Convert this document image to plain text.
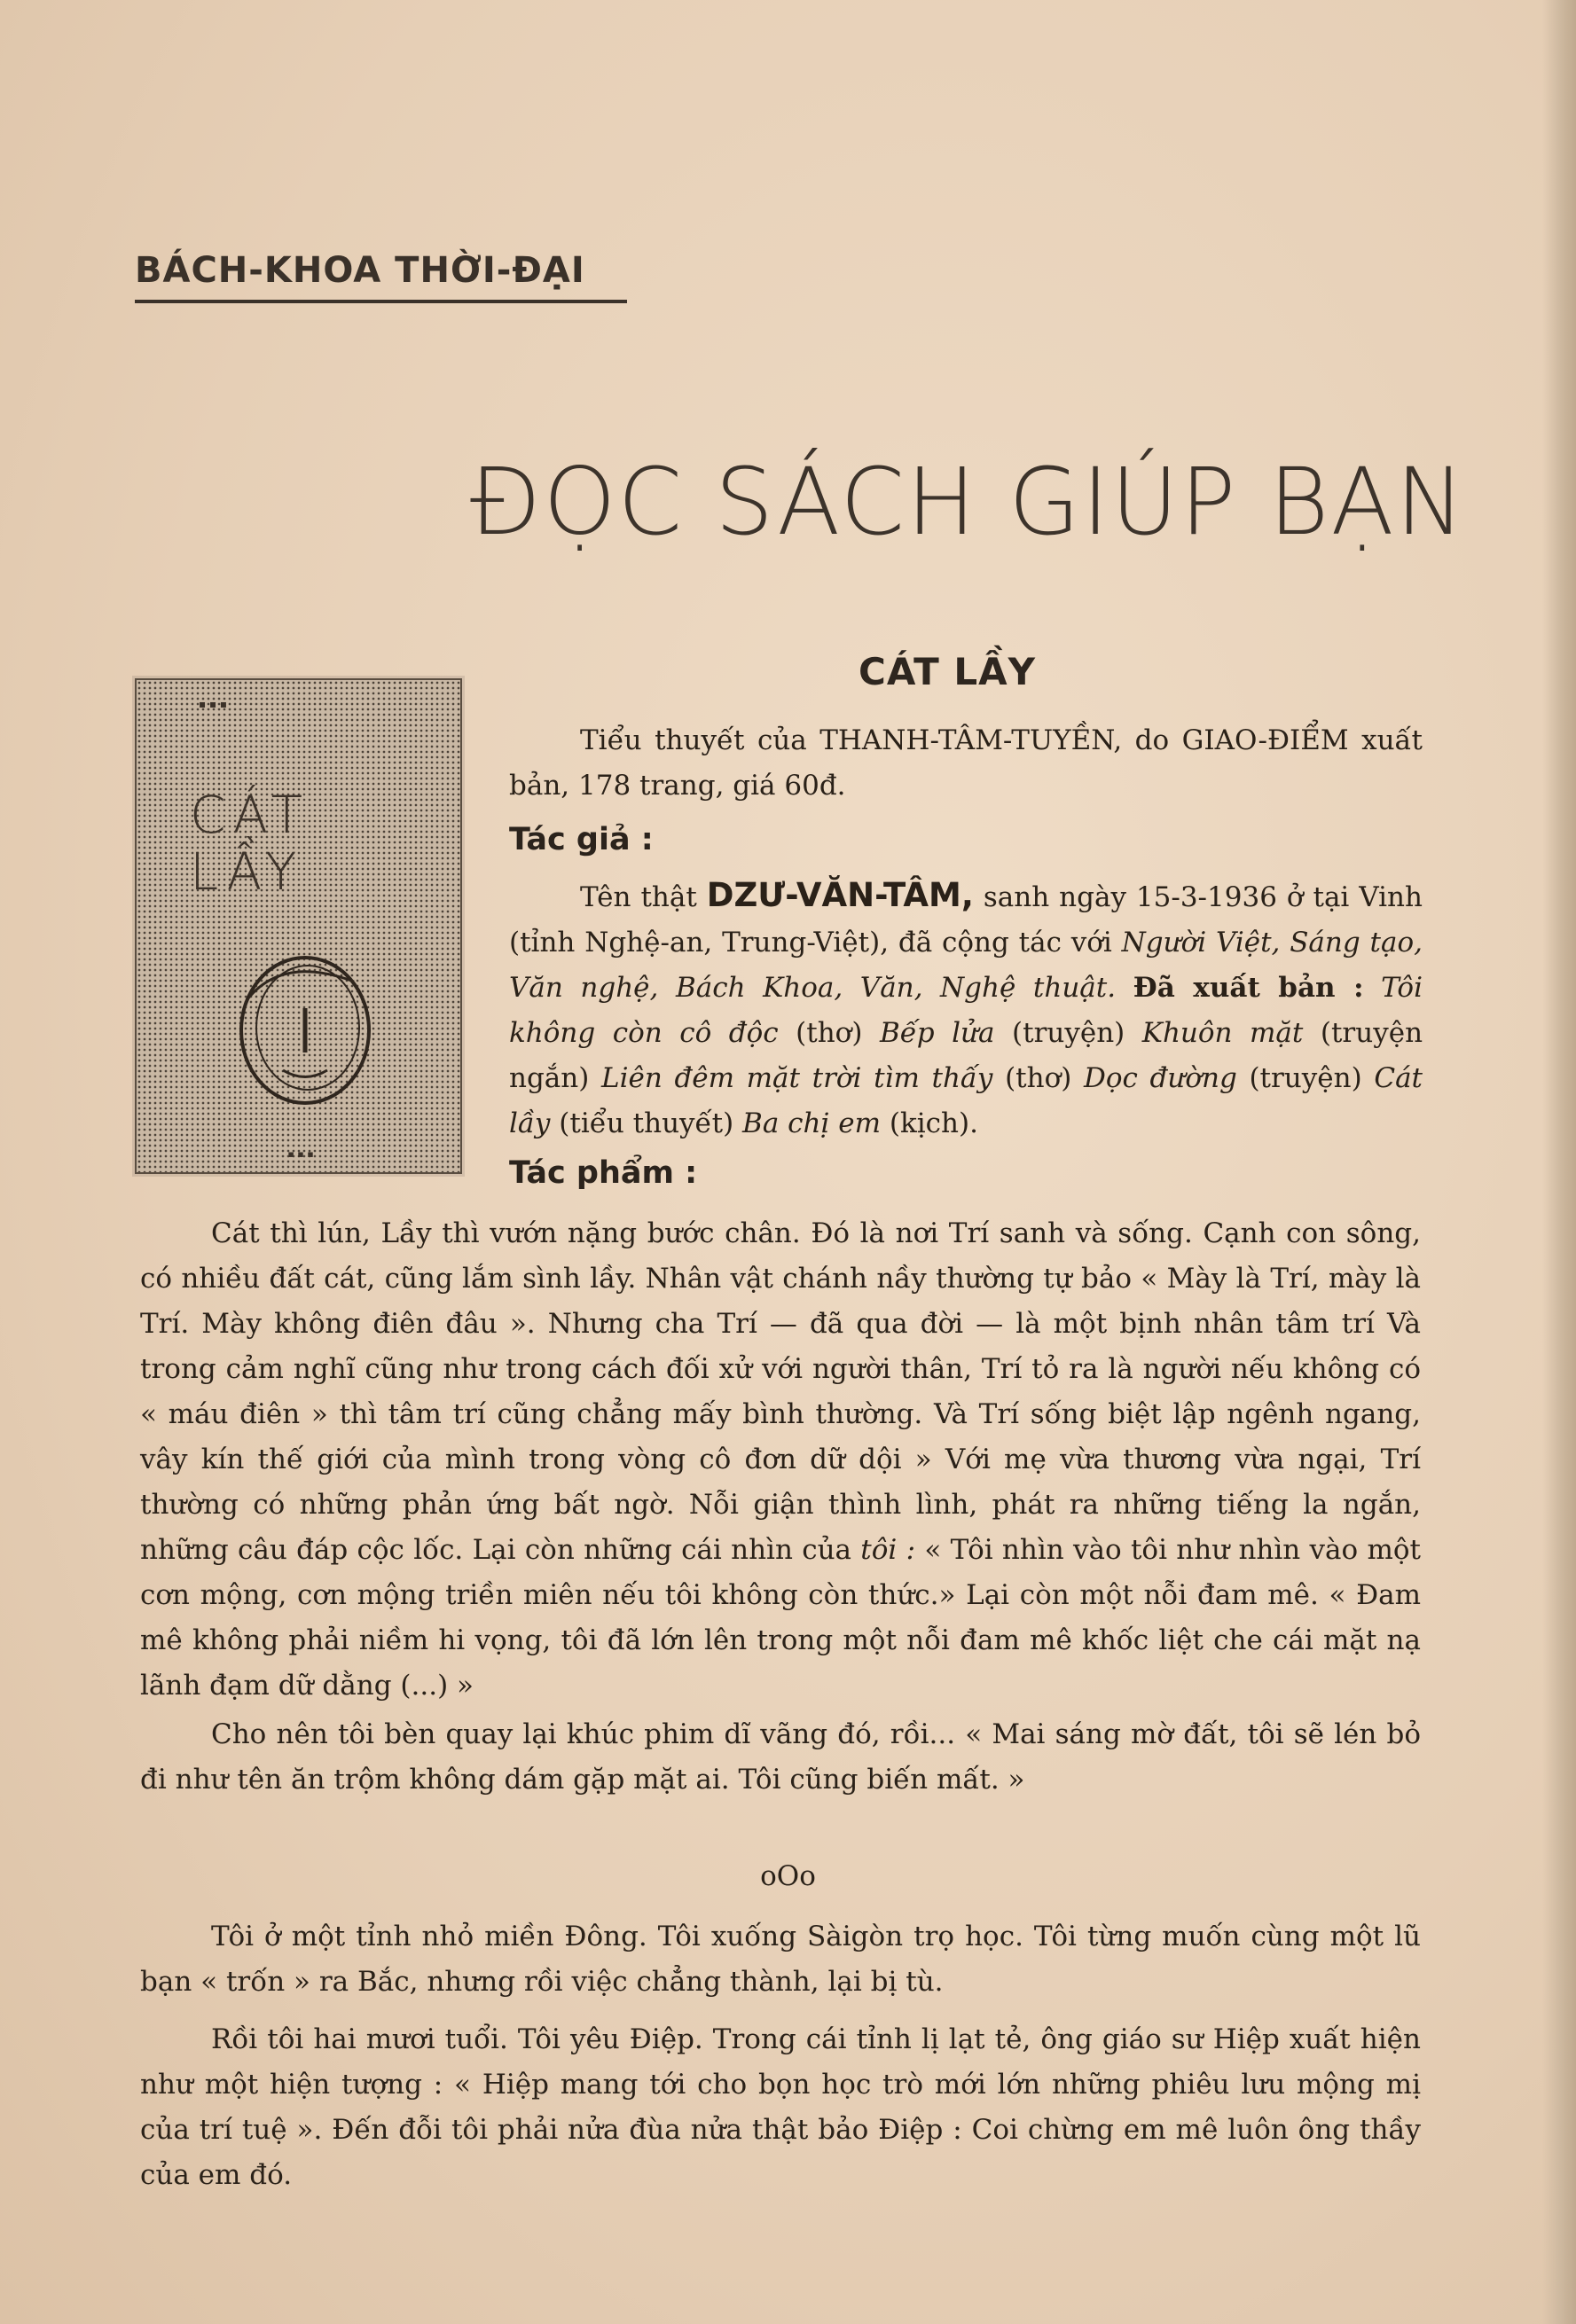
BÁCH-KHOA THỜI-ĐẠI
ĐỌC SÁCH GIÚP BẠN
▪ ▪ ▪
CÁT LẦY
▪ ▪ ▪
CÁT LẦY

Tiểu thuyết của THANH-TÂM-TUYỀN, do GIAO-ĐIỂM xuất bản, 178 trang, giá 60đ.

Tác giả :

Tên thật DZƯ-VĂN-TÂM, sanh ngày 15-3-1936 ở tại Vinh (tỉnh Nghệ-an, Trung-Việt), đã cộng tác với Người Việt, Sáng tạo, Văn nghệ, Bách Khoa, Văn, Nghệ thuật. Đã xuất bản : Tôi không còn cô độc (thơ) Bếp lửa (truyện) Khuôn mặt (truyện ngắn) Liên đêm mặt trời tìm thấy (thơ) Dọc đường (truyện) Cát lầy (tiểu thuyết) Ba chị em (kịch).

Tác phẩm :

Cát thì lún, Lầy thì vướn nặng bước chân. Đó là nơi Trí sanh và sống. Cạnh con sông, có nhiều đất cát, cũng lắm sình lầy. Nhân vật chánh nầy thường tự bảo « Mày là Trí, mày là Trí. Mày không điên đâu ». Nhưng cha Trí — đã qua đời — là một bịnh nhân tâm trí Và trong cảm nghĩ cũng như trong cách đối xử với người thân, Trí tỏ ra là người nếu không có « máu điên » thì tâm trí cũng chẳng mấy bình thường. Và Trí sống biệt lập ngênh ngang, vây kín thế giới của mình trong vòng cô đơn dữ dội » Với mẹ vừa thương vừa ngại, Trí thường có những phản ứng bất ngờ. Nỗi giận thình lình, phát ra những tiếng la ngắn, những câu đáp cộc lốc. Lại còn những cái nhìn của tôi : « Tôi nhìn vào tôi như nhìn vào một cơn mộng, cơn mộng triền miên nếu tôi không còn thức.» Lại còn một nỗi đam mê. « Đam mê không phải niềm hi vọng, tôi đã lớn lên trong một nỗi đam mê khốc liệt che cái mặt nạ lãnh đạm dữ dằng (...) »

Cho nên tôi bèn quay lại khúc phim dĩ vãng đó, rồi... « Mai sáng mờ đất, tôi sẽ lén bỏ đi như tên ăn trộm không dám gặp mặt ai. Tôi cũng biến mất. »

oOo

Tôi ở một tỉnh nhỏ miền Đông. Tôi xuống Sàigòn trọ học. Tôi từng muốn cùng một lũ bạn « trốn » ra Bắc, nhưng rồi việc chẳng thành, lại bị tù.

Rồi tôi hai mươi tuổi. Tôi yêu Điệp. Trong cái tỉnh lị lạt tẻ, ông giáo sư Hiệp xuất hiện như một hiện tượng : « Hiệp mang tới cho bọn học trò mới lớn những phiêu lưu mộng mị của trí tuệ ». Đến đỗi tôi phải nửa đùa nửa thật bảo Điệp : Coi chừng em mê luôn ông thầy của em đó.
